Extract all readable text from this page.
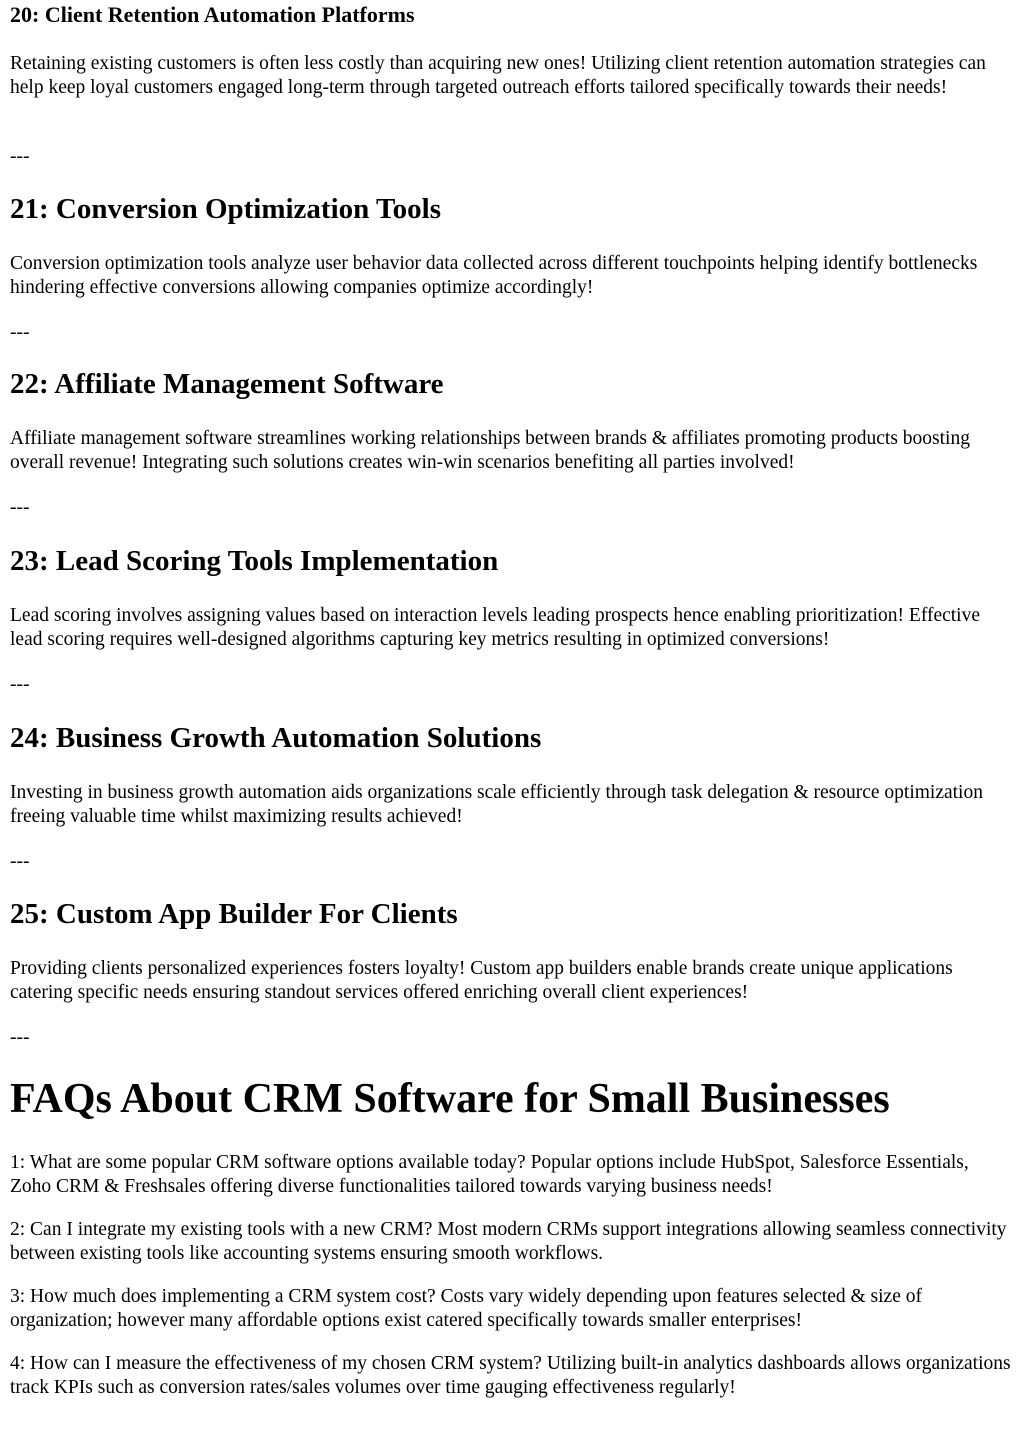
20: Client Retention Automation Platforms

Retaining existing customers is often less costly than acquiring new ones! Utilizing client retention automation strategies can help keep loyal customers engaged long-term through targeted outreach efforts tailored specifically towards their needs!

---

21: Conversion Optimization Tools

Conversion optimization tools analyze user behavior data collected across different touchpoints helping identify bottlenecks hindering effective conversions allowing companies optimize accordingly!

---

22: Affiliate Management Software

Affiliate management software streamlines working relationships between brands & affiliates promoting products boosting overall revenue! Integrating such solutions creates win-win scenarios benefiting all parties involved!

---

23: Lead Scoring Tools Implementation

Lead scoring involves assigning values based on interaction levels leading prospects hence enabling prioritization! Effective lead scoring requires well-designed algorithms capturing key metrics resulting in optimized conversions!

---

24: Business Growth Automation Solutions

Investing in business growth automation aids organizations scale efficiently through task delegation & resource optimization freeing valuable time whilst maximizing results achieved!

---

25: Custom App Builder For Clients

Providing clients personalized experiences fosters loyalty! Custom app builders enable brands create unique applications catering specific needs ensuring standout services offered enriching overall client experiences!

---

FAQs About CRM Software for Small Businesses

1: What are some popular CRM software options available today? Popular options include HubSpot, Salesforce Essentials, Zoho CRM & Freshsales offering diverse functionalities tailored towards varying business needs!

2: Can I integrate my existing tools with a new CRM? Most modern CRMs support integrations allowing seamless connectivity between existing tools like accounting systems ensuring smooth workflows.

3: How much does implementing a CRM system cost? Costs vary widely depending upon features selected & size of organization; however many affordable options exist catered specifically towards smaller enterprises!

4: How can I measure the effectiveness of my chosen CRM system? Utilizing built-in analytics dashboards allows organizations track KPIs such as conversion rates/sales volumes over time gauging effectiveness regularly!
